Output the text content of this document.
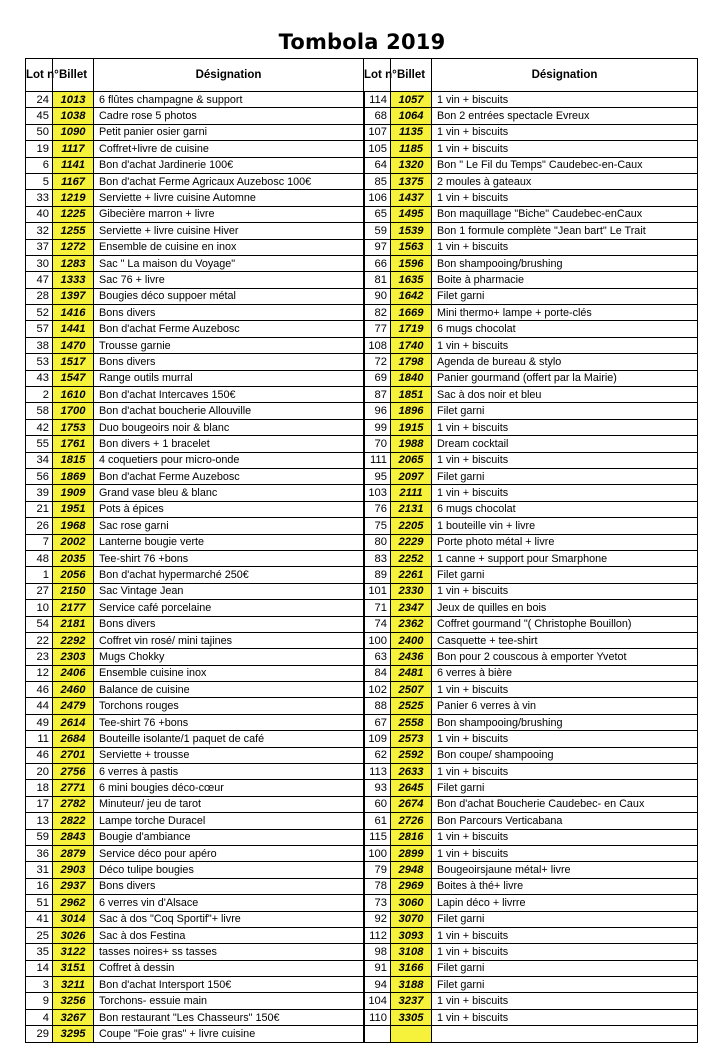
Tombola 2019
Lot n°	Billet	Désignation	Lot n°	Billet	Désignation
24	1013	6 flûtes champagne & support	114	1057	1 vin + biscuits
45	1038	Cadre rose 5 photos	68	1064	Bon 2 entrées spectacle Evreux
50	1090	Petit panier osier garni	107	1135	1 vin + biscuits
19	1117	Coffret+livre de cuisine	105	1185	1 vin + biscuits
6	1141	Bon d'achat Jardinerie 100€	64	1320	Bon " Le Fil du Temps" Caudebec-en-Caux
5	1167	Bon d'achat Ferme Agricaux Auzebosc 100€	85	1375	2 moules à gateaux
33	1219	Serviette + livre cuisine Automne	106	1437	1 vin + biscuits
40	1225	Gibecière marron + livre	65	1495	Bon maquillage "Biche" Caudebec-enCaux
32	1255	Serviette + livre cuisine Hiver	59	1539	Bon 1 formule complète "Jean bart" Le Trait
37	1272	Ensemble de cuisine en inox	97	1563	1 vin + biscuits
30	1283	Sac " La maison du Voyage"	66	1596	Bon shampooing/brushing
47	1333	Sac 76 + livre	81	1635	Boite à pharmacie
28	1397	Bougies déco suppoer métal	90	1642	Filet garni
52	1416	Bons divers	82	1669	Mini thermo+ lampe + porte-clés
57	1441	Bon d'achat Ferme Auzebosc	77	1719	6 mugs chocolat
38	1470	Trousse garnie	108	1740	1 vin + biscuits
53	1517	Bons divers	72	1798	Agenda de bureau & stylo
43	1547	Range outils murral	69	1840	Panier gourmand (offert par la Mairie)
2	1610	Bon d'achat Intercaves 150€	87	1851	Sac à dos noir et bleu
58	1700	Bon d'achat boucherie Allouville	96	1896	Filet garni
42	1753	Duo bougeoirs noir & blanc	99	1915	1 vin + biscuits
55	1761	Bon divers + 1 bracelet	70	1988	Dream cocktail
34	1815	4 coquetiers pour micro-onde	111	2065	1 vin + biscuits
56	1869	Bon d'achat Ferme Auzebosc	95	2097	Filet garni
39	1909	Grand vase bleu & blanc	103	2111	1 vin + biscuits
21	1951	Pots à épices	76	2131	6 mugs chocolat
26	1968	Sac rose garni	75	2205	1 bouteille vin + livre
7	2002	Lanterne bougie verte	80	2229	Porte photo métal + livre
48	2035	Tee-shirt 76 +bons	83	2252	1 canne + support pour Smarphone
1	2056	Bon d'achat hypermarché 250€	89	2261	Filet garni
27	2150	Sac Vintage Jean	101	2330	1 vin + biscuits
10	2177	Service café porcelaine	71	2347	Jeux de quilles en bois
54	2181	Bons divers	74	2362	Coffret gourmand "( Christophe Bouillon)
22	2292	Coffret vin rosé/ mini tajines	100	2400	Casquette + tee-shirt
23	2303	Mugs Chokky	63	2436	Bon pour 2 couscous à emporter Yvetot
12	2406	Ensemble cuisine inox	84	2481	6 verres à bière
46	2460	Balance de cuisine	102	2507	1 vin + biscuits
44	2479	Torchons rouges	88	2525	Panier 6 verres à vin
49	2614	Tee-shirt 76 +bons	67	2558	Bon shampooing/brushing
11	2684	Bouteille isolante/1 paquet de café	109	2573	1 vin + biscuits
46	2701	Serviette + trousse	62	2592	Bon coupe/ shampooing
20	2756	6 verres à pastis	113	2633	1 vin + biscuits
18	2771	6 mini bougies déco-cœur	93	2645	Filet garni
17	2782	Minuteur/ jeu de tarot	60	2674	Bon d'achat Boucherie Caudebec- en Caux
13	2822	Lampe torche Duracel	61	2726	Bon Parcours Verticabana
59	2843	Bougie d'ambiance	115	2816	1 vin + biscuits
36	2879	Service déco pour apéro	100	2899	1 vin + biscuits
31	2903	Déco tulipe bougies	79	2948	Bougeoirsjaune métal+ livre
16	2937	Bons divers	78	2969	Boites à thé+ livre
51	2962	6 verres vin d'Alsace	73	3060	Lapin déco + livrre
41	3014	Sac à dos "Coq Sportif"+ livre	92	3070	Filet garni
25	3026	Sac à dos Festina	112	3093	1 vin + biscuits
35	3122	tasses noires+ ss tasses	98	3108	1 vin + biscuits
14	3151	Coffret à dessin	91	3166	Filet garni
3	3211	Bon d'achat Intersport 150€	94	3188	Filet garni
9	3256	Torchons- essuie main	104	3237	1 vin + biscuits
4	3267	Bon restaurant "Les Chasseurs" 150€	110	3305	1 vin + biscuits
29	3295	Coupe "Foie gras" + livre cuisine			
